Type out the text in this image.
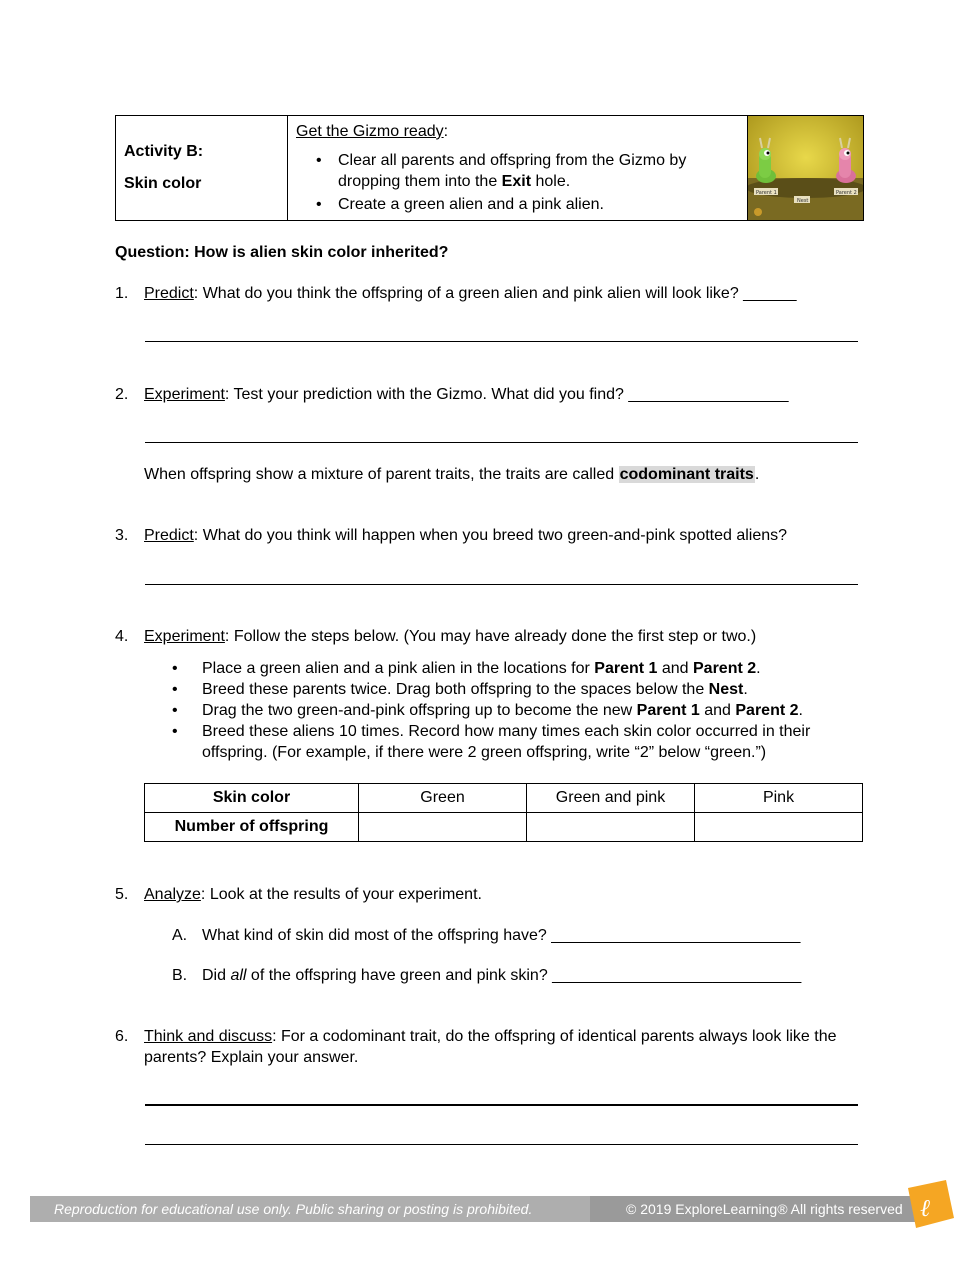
Activity B:
Skin color
Get the Gizmo ready:
• Clear all parents and offspring from the Gizmo by dropping them into the Exit hole.
• Create a green alien and a pink alien.
Parent 1
Nest
Parent 2
Question: How is alien skin color inherited?
1. Predict: What do you think the offspring of a green alien and pink alien will look like? ______
2. Experiment: Test your prediction with the Gizmo. What did you find? __________________
When offspring show a mixture of parent traits, the traits are called codominant traits.
3. Predict: What do you think will happen when you breed two green-and-pink spotted aliens?
4. Experiment: Follow the steps below. (You may have already done the first step or two.)
• Place a green alien and a pink alien in the locations for Parent 1 and Parent 2.
• Breed these parents twice. Drag both offspring to the spaces below the Nest.
• Drag the two green-and-pink offspring up to become the new Parent 1 and Parent 2.
• Breed these aliens 10 times. Record how many times each skin color occurred in their offspring. (For example, if there were 2 green offspring, write “2” below “green.”)
Skin color	Green	Green and pink	Pink
Number of offspring			
5. Analyze: Look at the results of your experiment.
A. What kind of skin did most of the offspring have? ____________________________
B. Did all of the offspring have green and pink skin? ____________________________
6. Think and discuss: For a codominant trait, do the offspring of identical parents always look like the parents? Explain your answer.
Reproduction for educational use only. Public sharing or posting is prohibited.	© 2019 ExploreLearning® All rights reserved ℓ
